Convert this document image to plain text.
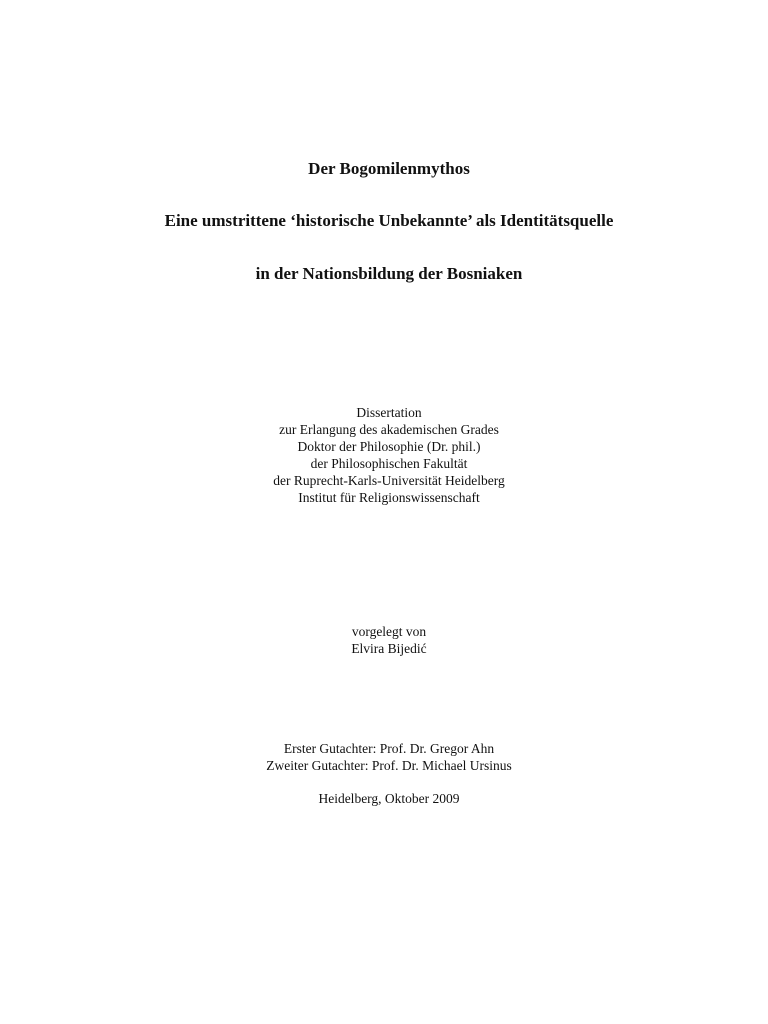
Der Bogomilenmythos
Eine umstrittene ‘historische Unbekannte’ als Identitätsquelle
in der Nationsbildung der Bosniaken
Dissertation
zur Erlangung des akademischen Grades
Doktor der Philosophie (Dr. phil.)
der Philosophischen Fakultät
der Ruprecht-Karls-Universität Heidelberg
Institut für Religionswissenschaft
vorgelegt von
Elvira Bijedić
Erster Gutachter: Prof. Dr. Gregor Ahn
Zweiter Gutachter: Prof. Dr. Michael Ursinus
Heidelberg, Oktober 2009
